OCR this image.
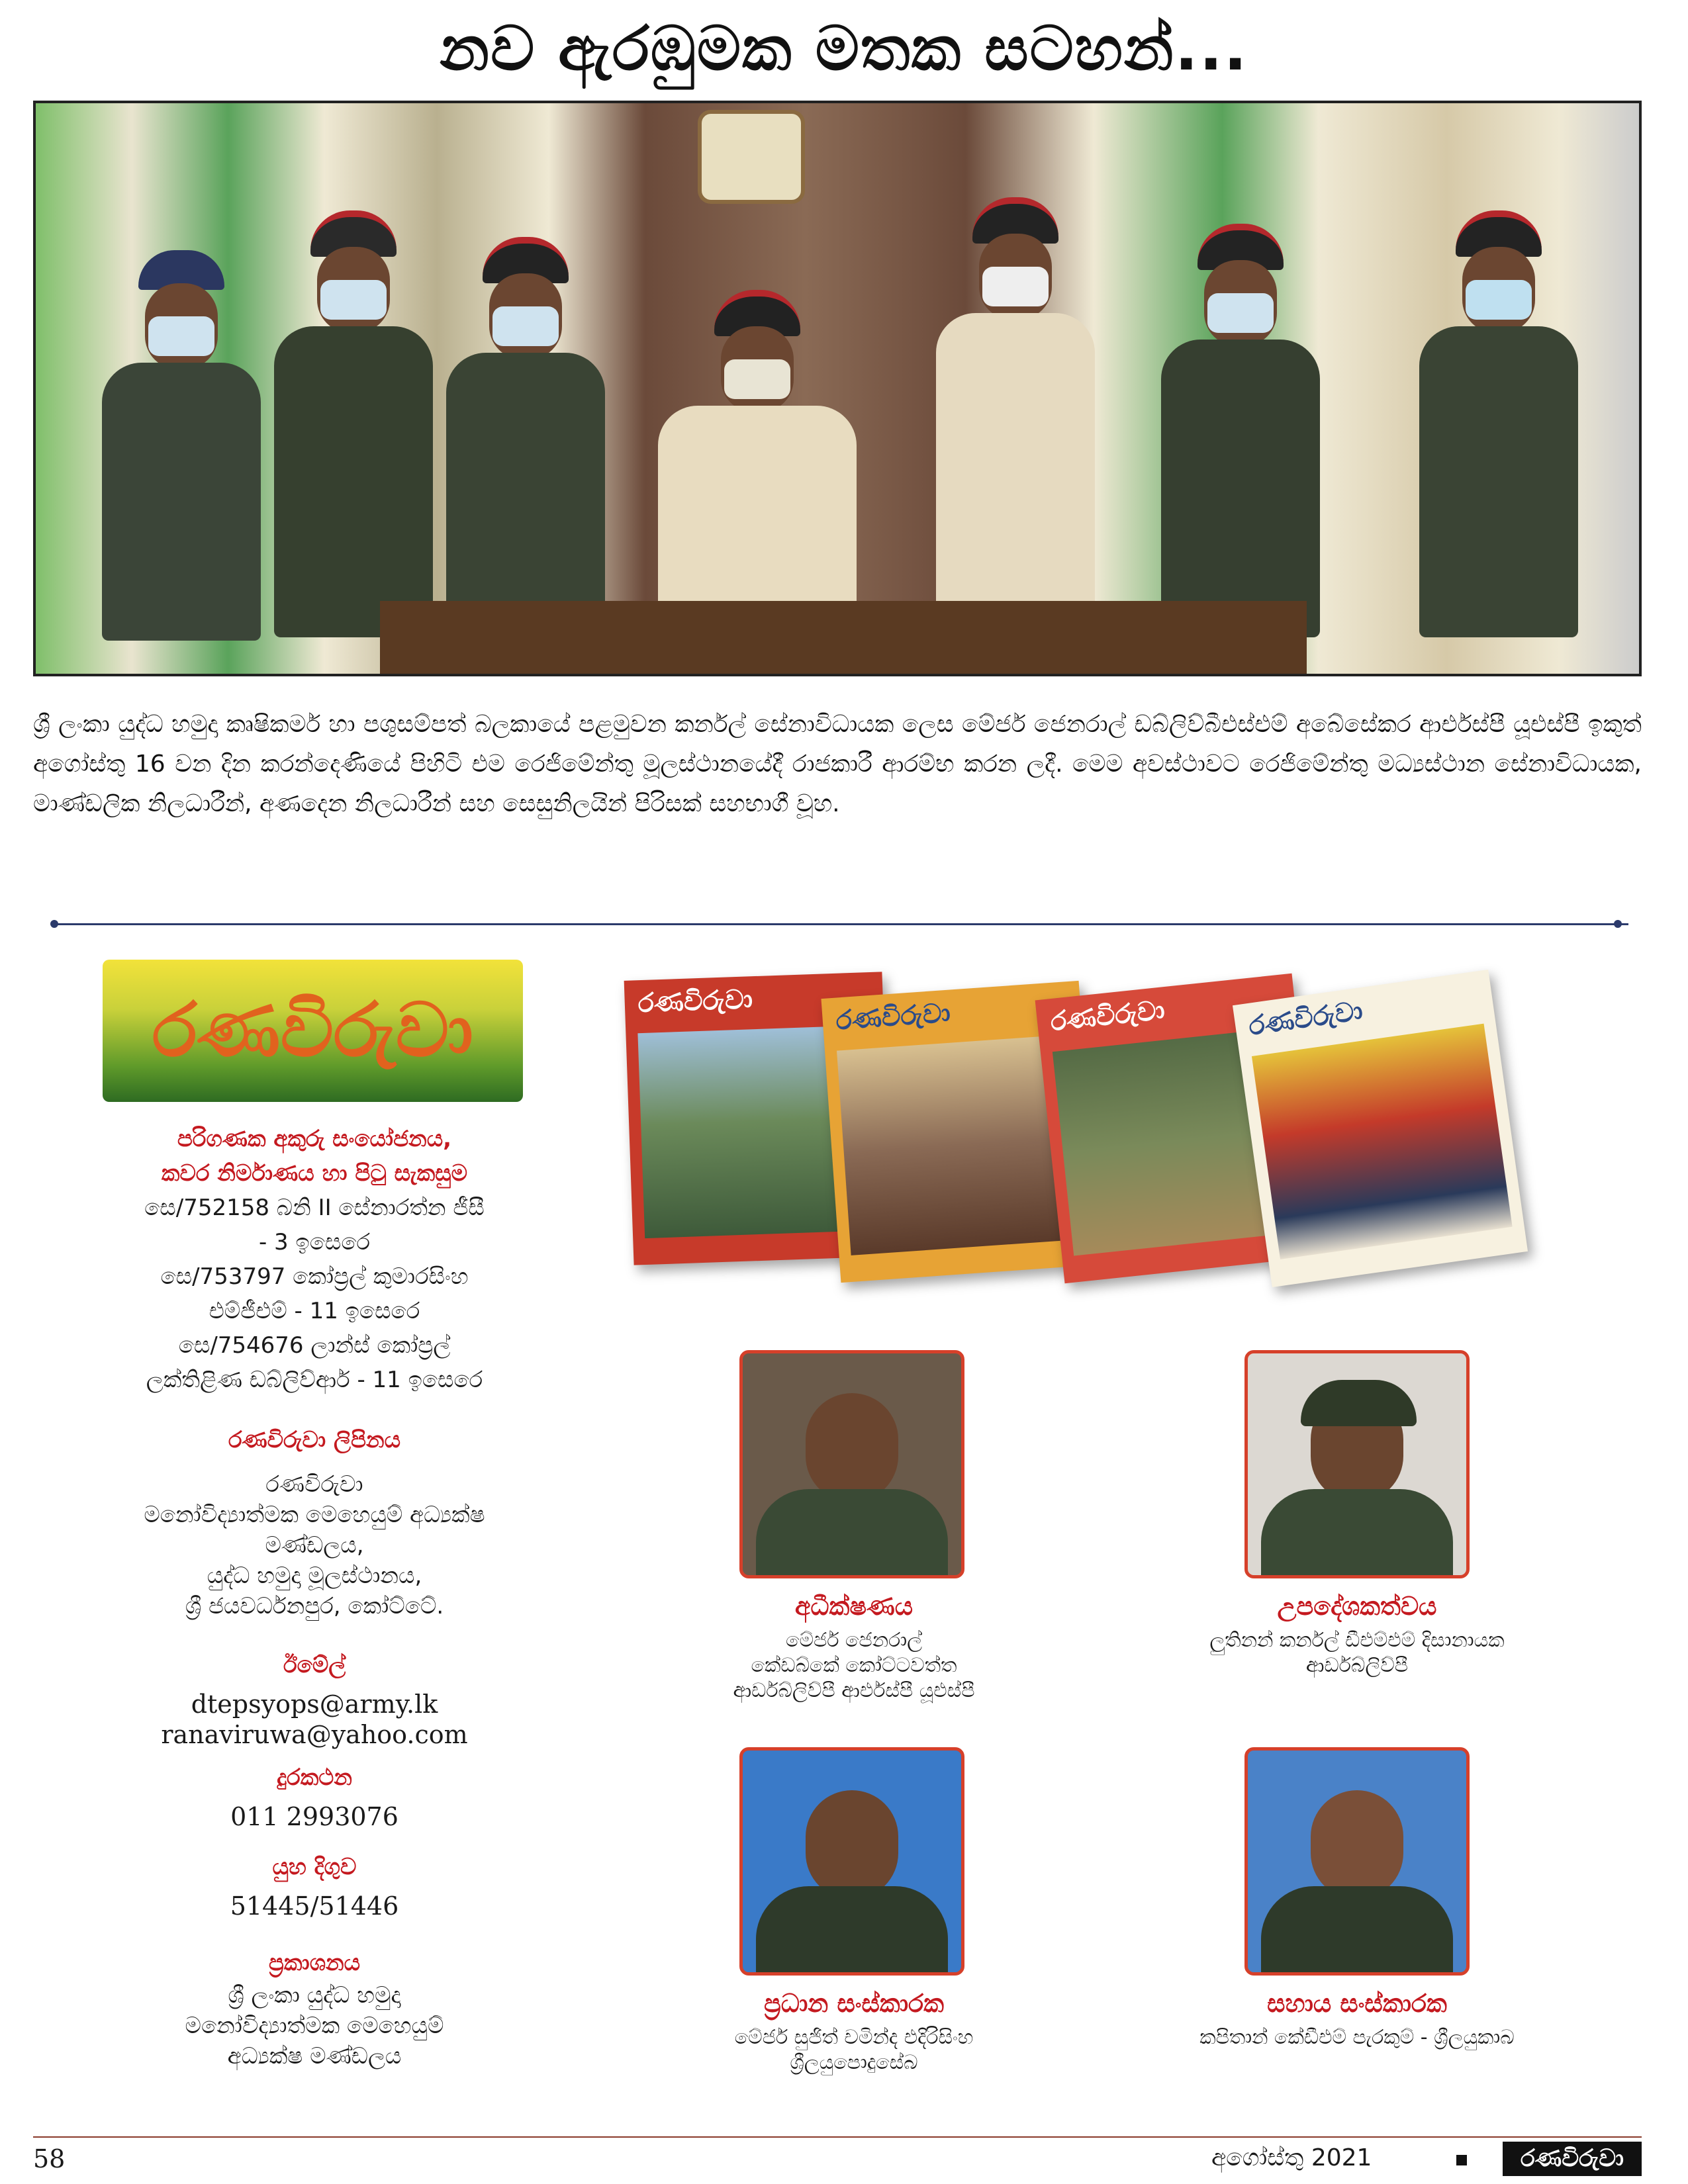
නව ඇරඹුමක මතක සටහන්...
ශ්‍රී ලංකා යුද්ධ හමුදා කෘෂිකර්ම හා පශුසම්පත් බලකායේ පළමුවන කර්නල් සේනාවිධායක ලෙස මේජර් ජෙනරාල් ඩබ්ලිව්බීඑස්එම් අබේසේකර ආර්එස්පී යූඑස්පී ඉකුත් අගෝස්තු 16 වන දින කරන්දෙණියේ පිහිටි එම රෙජිමේන්තු මූලස්ථානයේදී රාජකාරී ආරම්භ කරන ලදී. මෙම අවස්ථාවට රෙජිමේන්තු මධ්‍යස්ථාන සේනාවිධායක, මාණ්ඩලික නිලධාරීන්, අණදෙන නිලධාරීන් සහ සෙසුනිලයින් පිරිසක් සහභාගී වූහ.
රණවිරුවා
පරිගණක අකුරු සංයෝජනය,
කවර නිර්මාණය හා පිටු සැකසුම
සෙ/752158 බනි II සේනාරත්න ජීසී
- 3 ඉසෙරෙ
සෙ/753797 කෝප්‍රල් කුමාරසිංහ
එම්ජීඑම් - 11 ඉසෙරෙ
සෙ/754676 ලාන්ස් කෝප්‍රල්
ලක්තිළිණ ඩබ්ලිව්ආර් - 11 ඉසෙරෙ
රණවිරුවා ලිපිනය
රණවිරුවා
මනෝවිද්‍යාත්මක මෙහෙයුම් අධ්‍යක්ෂ
මණ්ඩලය,
යුද්ධ හමුදා මූලස්ථානය,
ශ්‍රී ජයවර්ධනපුර, කෝට්ටේ.
ඊමේල්
dtepsyops@army.lk
ranaviruwa@yahoo.com
දුරකථන
011 2993076
යුහ දිගුව
51445/51446
ප්‍රකාශනය
ශ්‍රී ලංකා යුද්ධ හමුදා
මනෝවිද්‍යාත්මක මෙහෙයුම්
අධ්‍යක්ෂ මණ්ඩලය
රණවිරුවා	රණවිරුවා	රණවිරුවා	රණවිරුවා
අධීක්ෂණය
මේජර් ජෙනරාල්
කේඩබ්කේ කෝට්ටවත්ත
ආර්ඩබ්ලිව්පී ආර්එස්පී යූඑස්පී
උපදේශකත්වය
ලුතිනන් කර්නල් ඩීඑම්එම් දිසානායක
ආර්ඩබ්ලිව්පී
ප්‍රධාන සංස්කාරක
මේජර් සුජිත් චමින්ද එදිරිසිංහ
ශ්‍රීලයුපොදුසේබ
සහාය සංස්කාරක
කපිතාන් කේඩීඑම් පැරකුම් - ශ්‍රීලයුකාබ
58	අගෝස්තු 2021	රණවිරුවා
